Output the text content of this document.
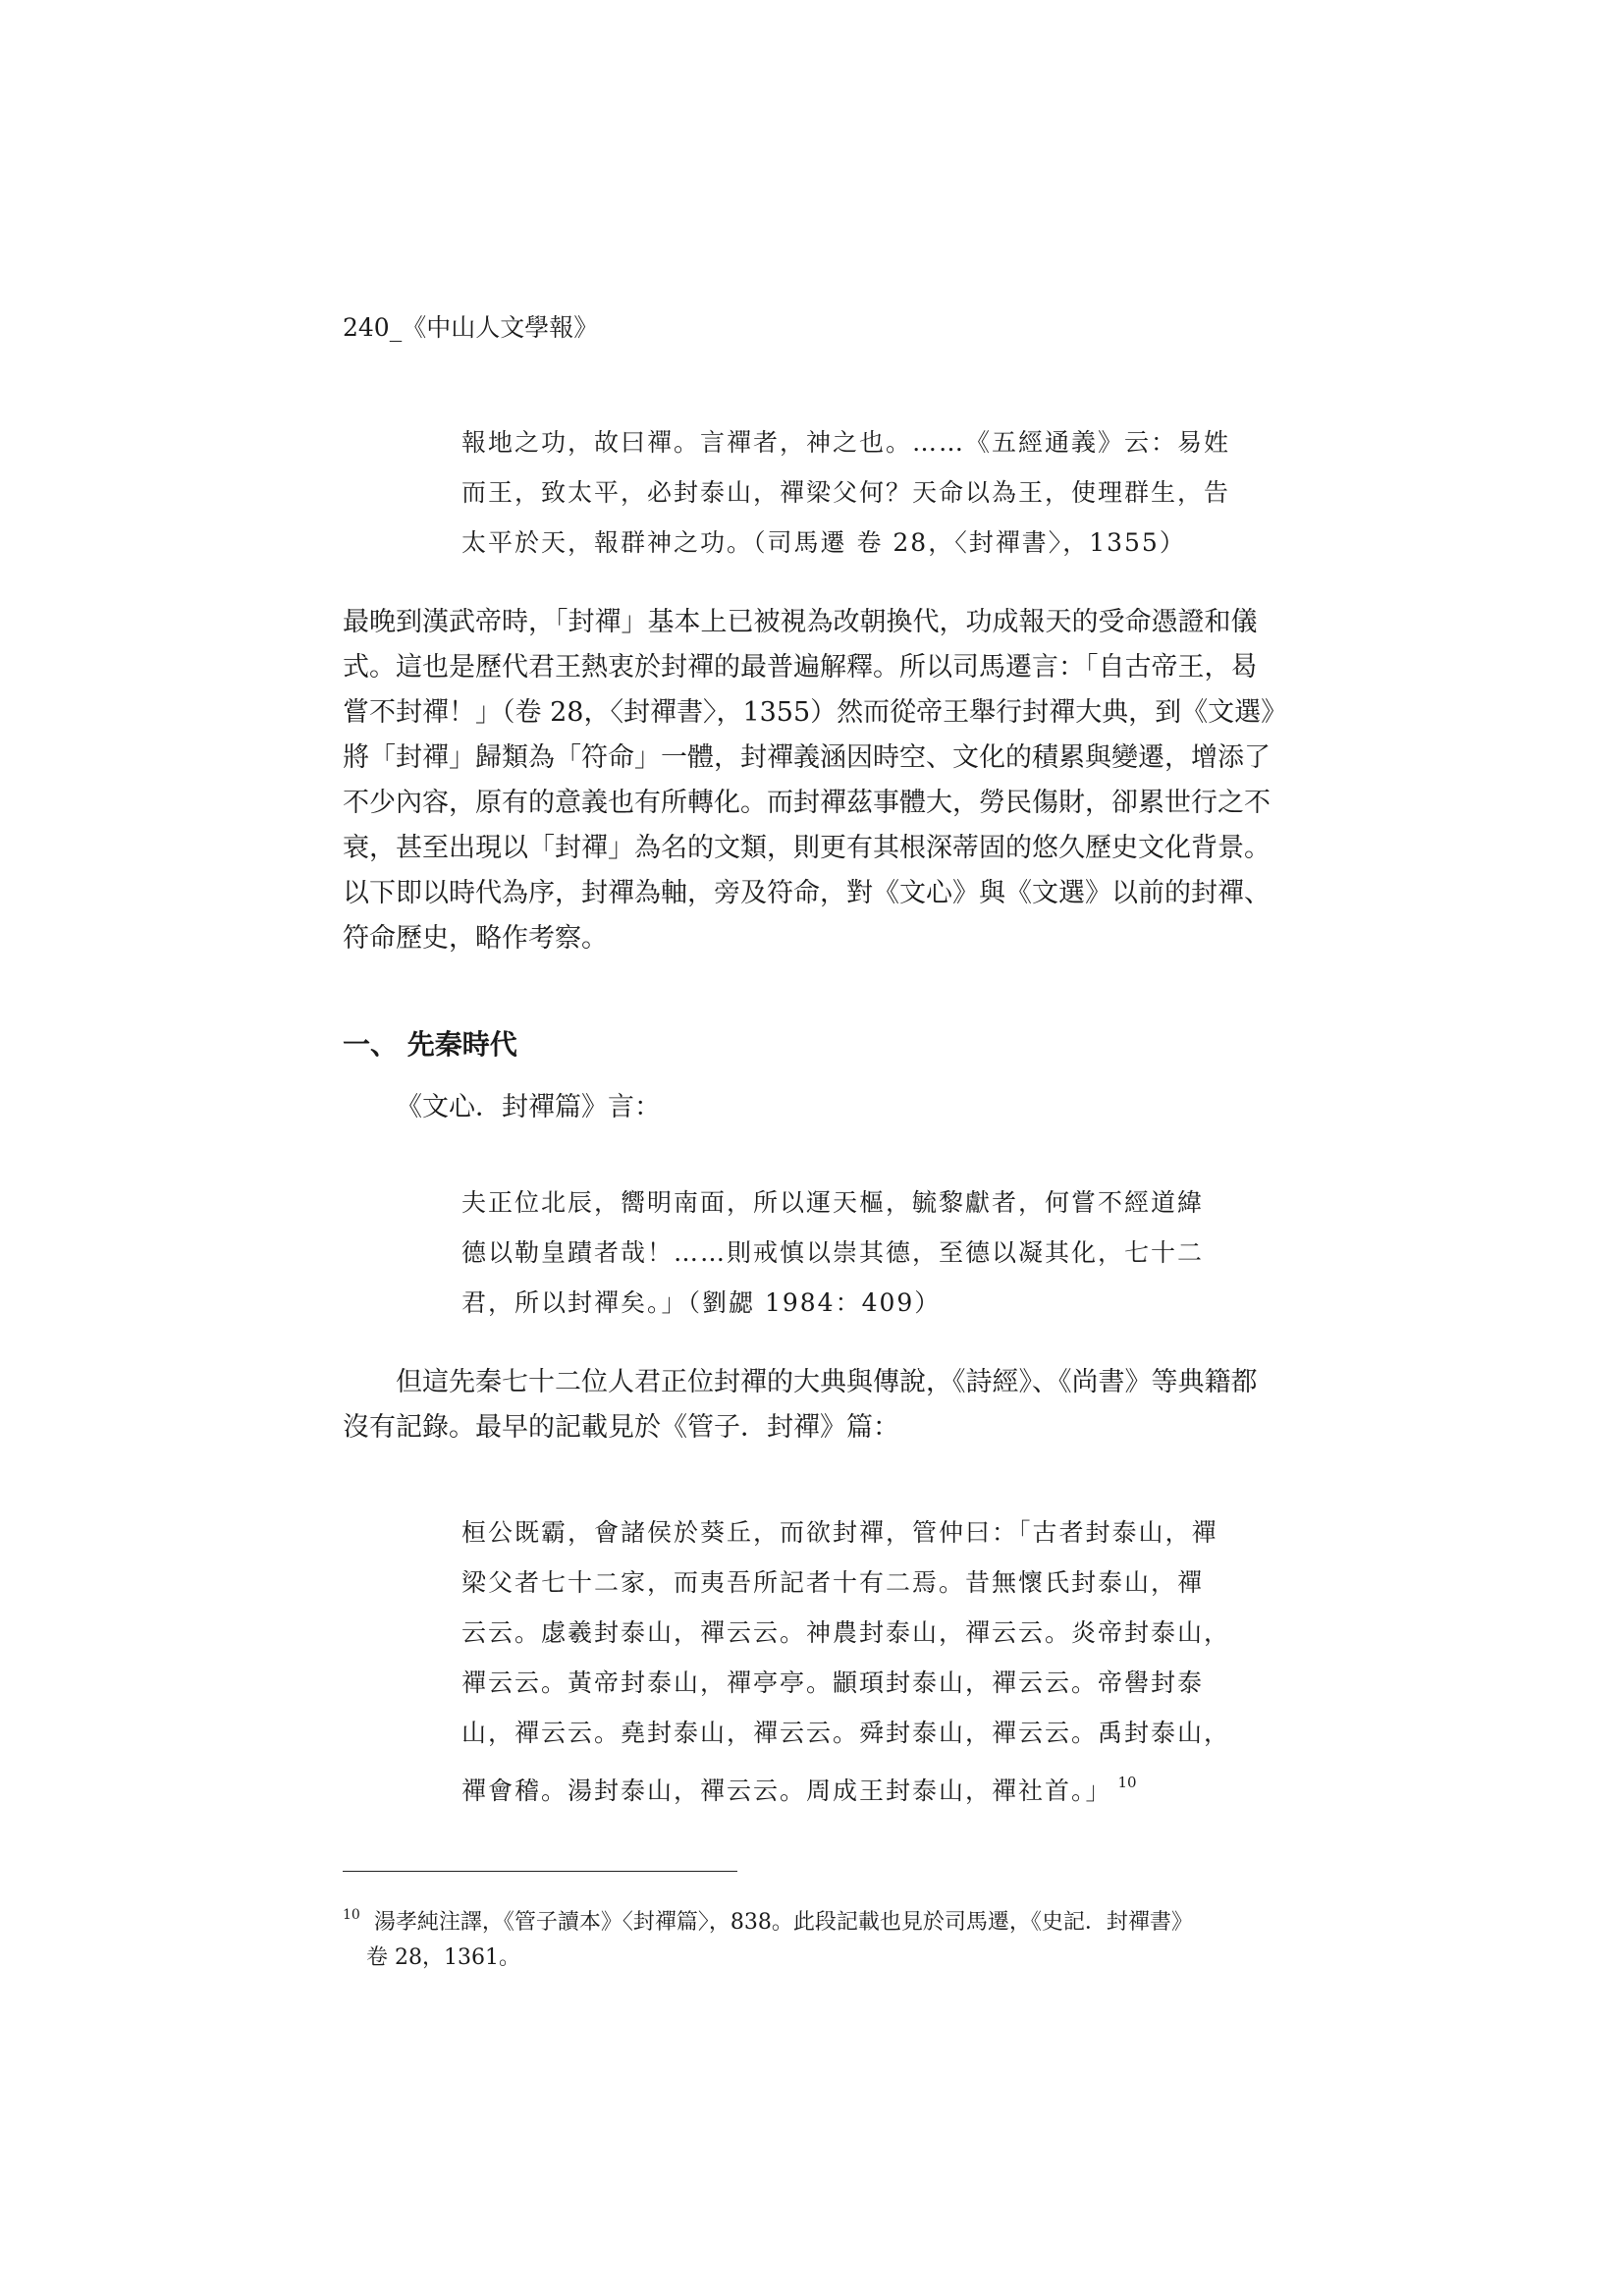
240_《中山人文學報》

報地之功，故曰禪。言禪者，神之也。……《五經通義》云：易姓

而王，致太平，必封泰山，禪梁父何？天命以為王，使理群生，告

太平於天，報群神之功。（司馬遷 卷 28，〈封禪書〉，1355）

最晚到漢武帝時，「封禪」基本上已被視為改朝換代，功成報天的受命憑證和儀

式。這也是歷代君王熱衷於封禪的最普遍解釋。所以司馬遷言：「自古帝王，曷

嘗不封禪！」（卷 28，〈封禪書〉，1355）然而從帝王舉行封禪大典，到《文選》

將「封禪」歸類為「符命」一體，封禪義涵因時空、文化的積累與變遷，增添了

不少內容，原有的意義也有所轉化。而封禪茲事體大，勞民傷財，卻累世行之不

衰，甚至出現以「封禪」為名的文類，則更有其根深蒂固的悠久歷史文化背景。

以下即以時代為序，封禪為軸，旁及符命，對《文心》與《文選》以前的封禪、

符命歷史，略作考察。

一、 先秦時代
《文心．封禪篇》言：

夫正位北辰，嚮明南面，所以運天樞，毓黎獻者，何嘗不經道緯

德以勒皇蹟者哉！……則戒慎以崇其德，至德以凝其化，七十二

君，所以封禪矣。」（劉勰 1984：409）

　　但這先秦七十二位人君正位封禪的大典與傳說，《詩經》、《尚書》等典籍都

沒有記錄。最早的記載見於《管子．封禪》篇：

桓公既霸，會諸侯於葵丘，而欲封禪，管仲曰：「古者封泰山，禪

梁父者七十二家，而夷吾所記者十有二焉。昔無懷氏封泰山，禪

云云。虙羲封泰山，禪云云。神農封泰山，禪云云。炎帝封泰山，

禪云云。黃帝封泰山，禪亭亭。顓頊封泰山，禪云云。帝嚳封泰

山，禪云云。堯封泰山，禪云云。舜封泰山，禪云云。禹封泰山，

禪會稽。湯封泰山，禪云云。周成王封泰山，禪社首。」 $^{10}$

$^{10}$ 湯孝純注譯，《管子讀本》〈封禪篇〉，838。此段記載也見於司馬遷，《史記．封禪書》

卷 28，1361。
